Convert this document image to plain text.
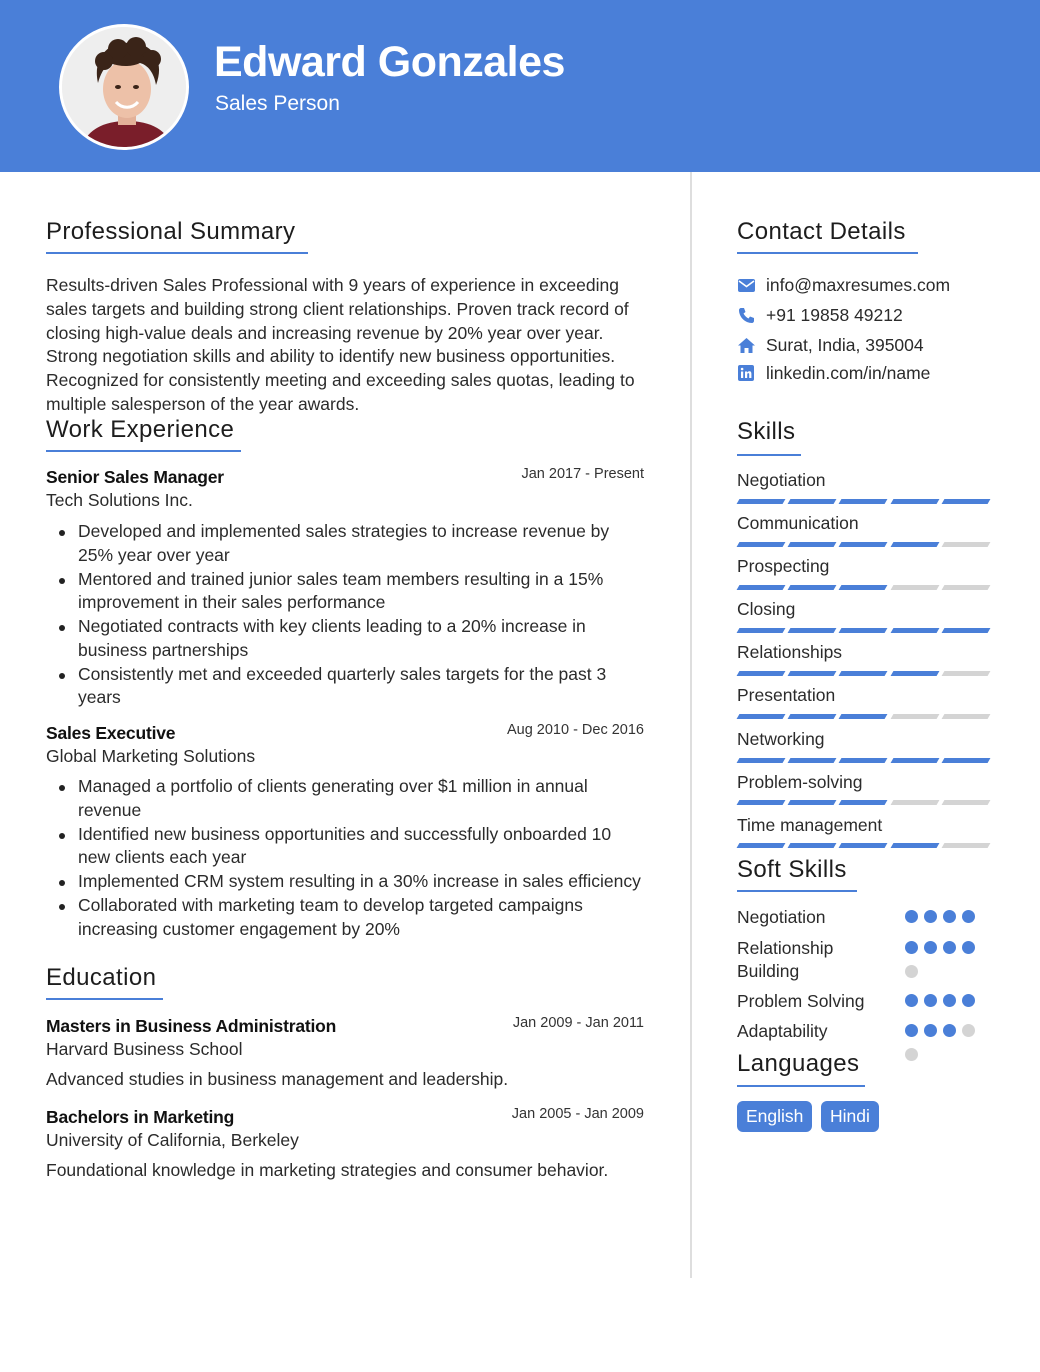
Edward Gonzales
Sales Person
Professional Summary
Results-driven Sales Professional with 9 years of experience in exceeding sales targets and building strong client relationships. Proven track record of closing high-value deals and increasing revenue by 20% year over year. Strong negotiation skills and ability to identify new business opportunities. Recognized for consistently meeting and exceeding sales quotas, leading to multiple salesperson of the year awards.
Work Experience
Senior Sales Manager	Jan 2017 - Present
Tech Solutions Inc.
Developed and implemented sales strategies to increase revenue by 25% year over year
Mentored and trained junior sales team members resulting in a 15% improvement in their sales performance
Negotiated contracts with key clients leading to a 20% increase in business partnerships
Consistently met and exceeded quarterly sales targets for the past 3 years
Sales Executive	Aug 2010 - Dec 2016
Global Marketing Solutions
Managed a portfolio of clients generating over $1 million in annual revenue
Identified new business opportunities and successfully onboarded 10 new clients each year
Implemented CRM system resulting in a 30% increase in sales efficiency
Collaborated with marketing team to develop targeted campaigns increasing customer engagement by 20%
Education
Masters in Business Administration	Jan 2009 - Jan 2011
Harvard Business School
Advanced studies in business management and leadership.
Bachelors in Marketing	Jan 2005 - Jan 2009
University of California, Berkeley
Foundational knowledge in marketing strategies and consumer behavior.
Contact Details
info@maxresumes.com
+91 19858 49212
Surat, India, 395004
linkedin.com/in/name
Skills
Negotiation
Communication
Prospecting
Closing
Relationships
Presentation
Networking
Problem-solving
Time management
Soft Skills
Negotiation
Relationship Building
Problem Solving
Adaptability
Languages
English	Hindi
